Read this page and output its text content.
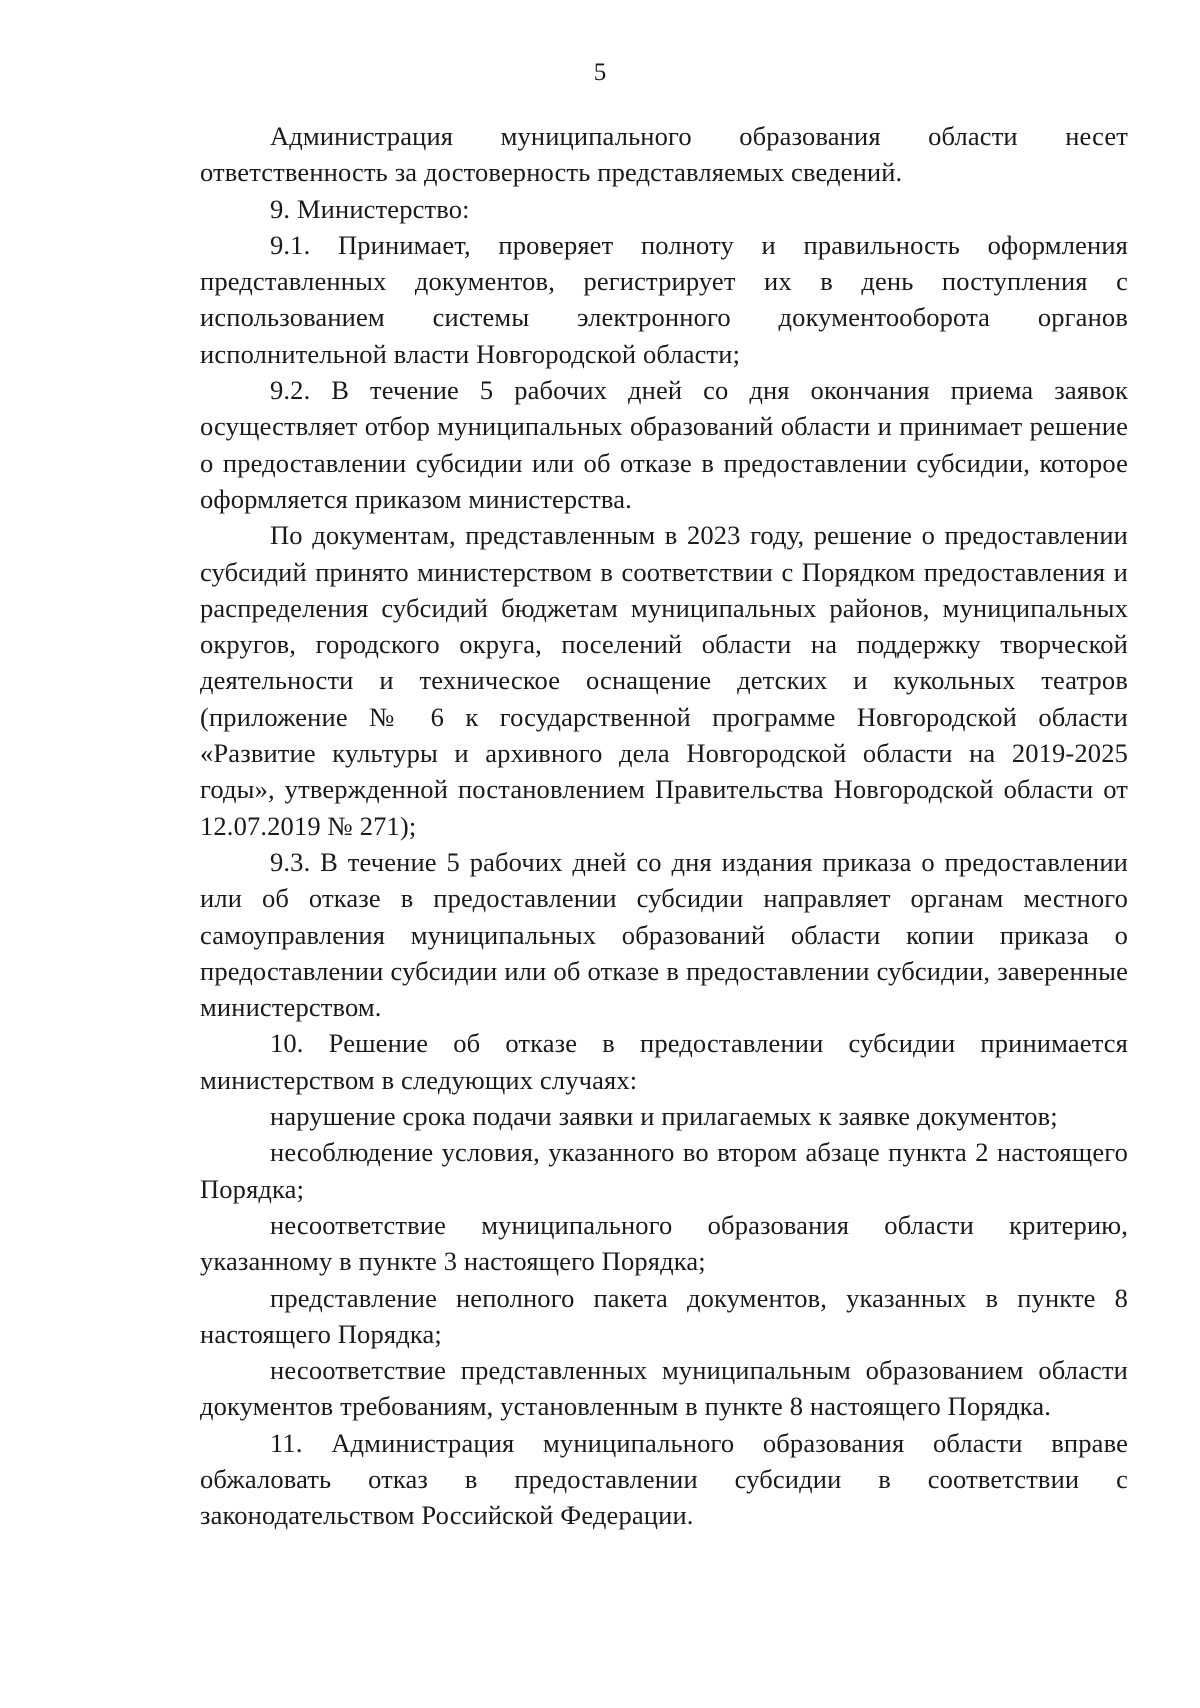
5

Администрация муниципального образования области несет ответственность за достоверность представляемых сведений.

9. Министерство:

9.1. Принимает, проверяет полноту и правильность оформления представленных документов, регистрирует их в день поступления с использованием системы электронного документооборота органов исполнительной власти Новгородской области;

9.2. В течение 5 рабочих дней со дня окончания приема заявок осуществляет отбор муниципальных образований области и принимает решение о предоставлении субсидии или об отказе в предоставлении субсидии, которое оформляется приказом министерства.

По документам, представленным в 2023 году, решение о предоставлении субсидий принято министерством в соответствии с Порядком предоставления и распределения субсидий бюджетам муниципальных районов, муниципальных округов, городского округа, поселений области на поддержку творческой деятельности и техническое оснащение детских и кукольных театров (приложение № 6 к государственной программе Новгородской области «Развитие культуры и архивного дела Новгородской области на 2019-2025 годы», утвержденной постановлением Правительства Новгородской области от 12.07.2019 № 271);

9.3. В течение 5 рабочих дней со дня издания приказа о предоставлении или об отказе в предоставлении субсидии направляет органам местного самоуправления муниципальных образований области копии приказа о предоставлении субсидии или об отказе в предоставлении субсидии, заверенные министерством.

10. Решение об отказе в предоставлении субсидии принимается министерством в следующих случаях:

нарушение срока подачи заявки и прилагаемых к заявке документов;

несоблюдение условия, указанного во втором абзаце пункта 2 настоящего Порядка;

несоответствие муниципального образования области критерию, указанному в пункте 3 настоящего Порядка;

представление неполного пакета документов, указанных в пункте 8 настоящего Порядка;

несоответствие представленных муниципальным образованием области документов требованиям, установленным в пункте 8 настоящего Порядка.

11. Администрация муниципального образования области вправе обжаловать отказ в предоставлении субсидии в соответствии с законодательством Российской Федерации.
